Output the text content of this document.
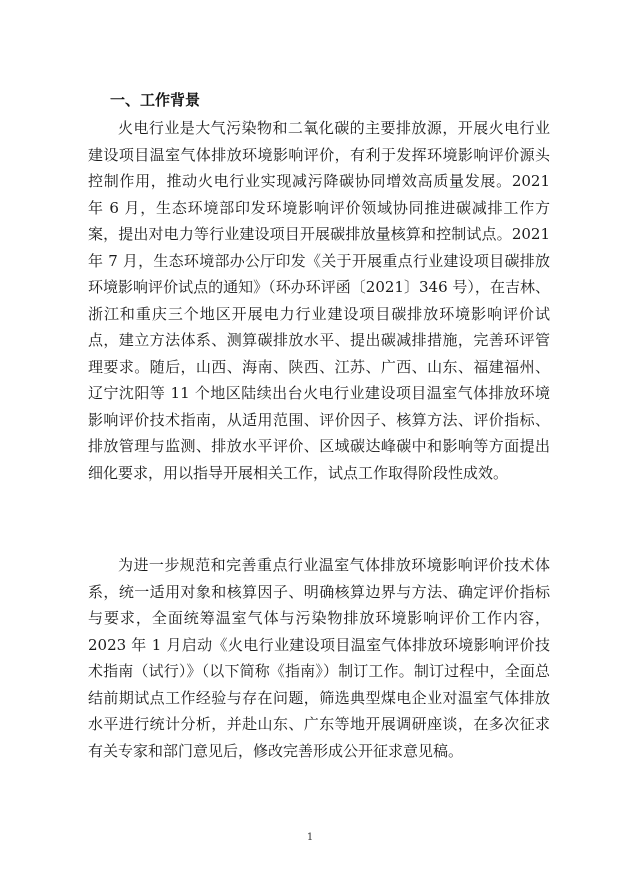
一、工作背景

火电行业是大气污染物和二氧化碳的主要排放源，开展火电行业建设项目温室气体排放环境影响评价，有利于发挥环境影响评价源头控制作用，推动火电行业实现减污降碳协同增效高质量发展。2021 年 6 月，生态环境部印发环境影响评价领域协同推进碳减排工作方案，提出对电力等行业建设项目开展碳排放量核算和控制试点。2021 年 7 月，生态环境部办公厅印发《关于开展重点行业建设项目碳排放环境影响评价试点的通知》（环办环评函〔2021〕346 号），在吉林、浙江和重庆三个地区开展电力行业建设项目碳排放环境影响评价试点，建立方法体系、测算碳排放水平、提出碳减排措施，完善环评管理要求。随后，山西、海南、陕西、江苏、广西、山东、福建福州、辽宁沈阳等 11 个地区陆续出台火电行业建设项目温室气体排放环境影响评价技术指南，从适用范围、评价因子、核算方法、评价指标、排放管理与监测、排放水平评价、区域碳达峰碳中和影响等方面提出细化要求，用以指导开展相关工作，试点工作取得阶段性成效。

为进一步规范和完善重点行业温室气体排放环境影响评价技术体系，统一适用对象和核算因子、明确核算边界与方法、确定评价指标与要求，全面统筹温室气体与污染物排放环境影响评价工作内容，2023 年 1 月启动《火电行业建设项目温室气体排放环境影响评价技术指南（试行）》（以下简称《指南》）制订工作。制订过程中，全面总结前期试点工作经验与存在问题，筛选典型煤电企业对温室气体排放水平进行统计分析，并赴山东、广东等地开展调研座谈，在多次征求有关专家和部门意见后，修改完善形成公开征求意见稿。

1
